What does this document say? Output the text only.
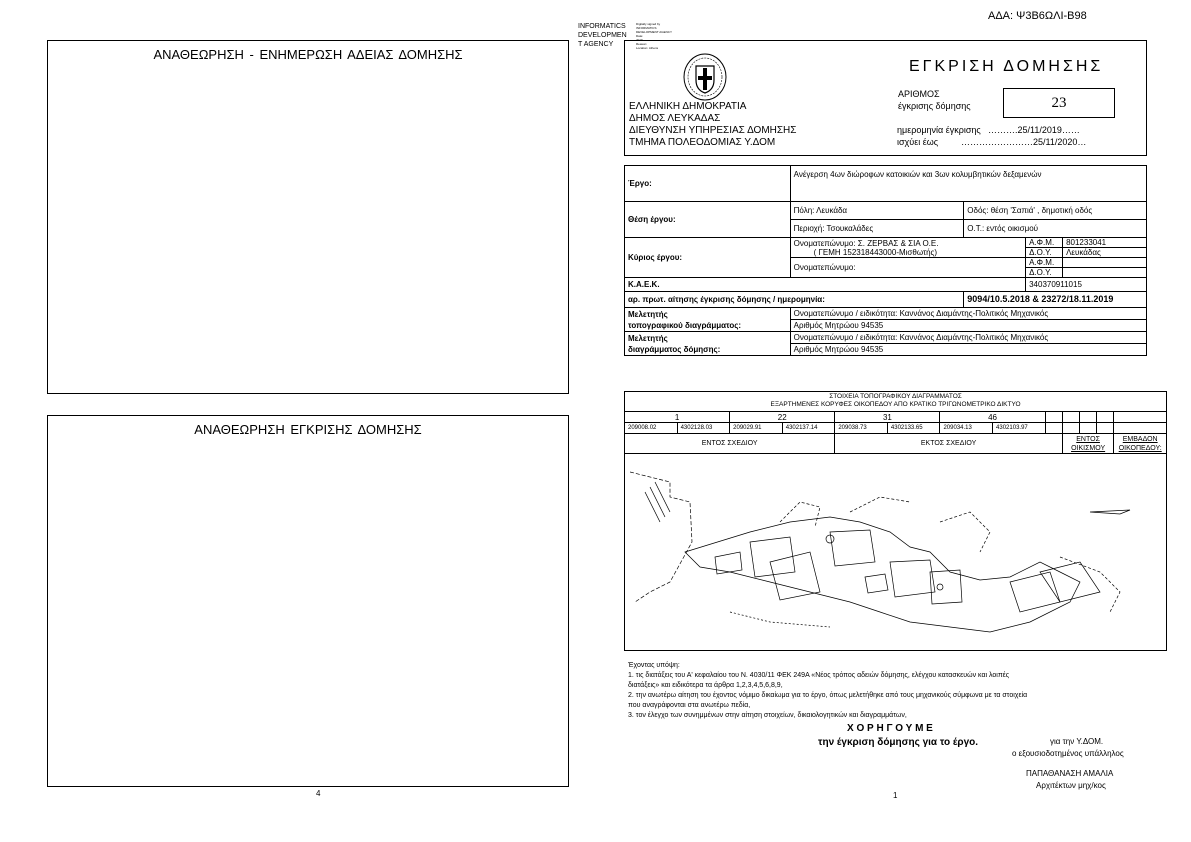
ΑΔΑ: Ψ3Β6ΩΛΙ-Β98
ΑΝΑΘΕΩΡΗΣΗ - ΕΝΗΜΕΡΩΣΗ ΑΔΕΙΑΣ ΔΟΜΗΣΗΣ
ΑΝΑΘΕΩΡΗΣΗ ΕΓΚΡΙΣΗΣ ΔΟΜΗΣΗΣ
4
INFORMATICS
DEVELOPMEN
T AGENCY
Digitally signed by
INFORMATICS
DEVELOPMENT AGENCY
Date:
2019.
Reason:
Location: Athens
ΕΛΛΗΝΙΚΗ ΔΗΜΟΚΡΑΤΙΑ
ΔΗΜΟΣ ΛΕΥΚΑΔΑΣ
ΔΙΕΥΘΥΝΣΗ ΥΠΗΡΕΣΙΑΣ ΔΟΜΗΣΗΣ
ΤΜΗΜΑ ΠΟΛΕΟΔΟΜΙΑΣ Υ.ΔΟΜ
ΕΓΚΡΙΣΗ ΔΟΜΗΣΗΣ
ΑΡΙΘΜΟΣ
έγκρισης δόμησης	23
ημερομηνία έγκρισης ……….25/11/2019……
ισχύει έως	……………………25/11/2020…
Έργο:	Ανέγερση 4ων διώροφων κατοικιών και 3ων κολυμβητικών δεξαμενών			
Θέση έργου:	Πόλη: Λευκάδα	Οδός: θέση 'Σαπιά' , δημοτική οδός		
	Περιοχή: Τσουκαλάδες	Ο.Τ.: εντός οικισμού		
Κύριος έργου:	Ονοματεπώνυμο: Σ. ΖΕΡΒΑΣ & ΣΙΑ Ο.Ε.
( ΓΕΜΗ 152318443000-Μισθωτής)		Α.Φ.Μ.	801233041
			Δ.Ο.Υ.	Λευκάδας
	Ονοματεπώνυμο:		Α.Φ.Μ.	
			Δ.Ο.Υ.	
Κ.Α.Ε.Κ.			340370911015	
αρ. πρωτ. αίτησης έγκρισης δόμησης / ημερομηνία:		9094/10.5.2018 & 23272/18.11.2019		

Μελετητής
τοπογραφικού διαγράμματος:	Ονοματεπώνυμο / ειδικότητα: Καννάνος Διαμάντης-Πολιτικός Μηχανικός			
	Αριθμός Μητρώου 94535			

Μελετητής
διαγράμματος δόμησης:	Ονοματεπώνυμο / ειδικότητα: Καννάνος Διαμάντης-Πολιτικός Μηχανικός			
	Αριθμός Μητρώου 94535			
ΣΤΟΙΧΕΙΑ ΤΟΠΟΓΡΑΦΙΚΟΥ ΔΙΑΓΡΑΜΜΑΤΟΣ
ΕΞΑΡΤΗΜΕΝΕΣ ΚΟΡΥΦΕΣ ΟΙΚΟΠΕΔΟΥ ΑΠΟ ΚΡΑΤΙΚΟ ΤΡΙΓΩΝΟΜΕΤΡΙΚΟ ΔΙΚΤΥΟ
1		22		31		46						
209008.02	4302128.03	209029.91	4302137.14	209038.73	4302133.65	209034.13	4302103.97					
ΕΝΤΟΣ ΣΧΕΔΙΟΥ				ΕΚΤΟΣ ΣΧΕΔΙΟΥ					ΕΝΤΟΣ ΟΙΚΙΣΜΟΥ			ΕΜΒΑΔΟΝ ΟΙΚΟΠΕΔΟΥ:
Έχοντας υπόψη:
1. τις διατάξεις του Α' κεφαλαίου του Ν. 4030/11 ΦΕΚ 249Α «Νέος τρόπος αδειών δόμησης, ελέγχου κατασκευών και λοιπές
διατάξεις» και ειδικότερα τα άρθρα 1,2,3,4,5,6,8,9,
2. την ανωτέρω αίτηση του έχοντος νόμιμο δικαίωμα για το έργο, όπως μελετήθηκε από τους μηχανικούς σύμφωνα με τα στοιχεία
που αναγράφονται στα ανωτέρω πεδία,
3. τον έλεγχο των συνημμένων στην αίτηση στοιχείων, δικαιολογητικών και διαγραμμάτων,
Χ Ο Ρ Η Γ Ο Υ Μ Ε
την έγκριση δόμησης για το έργο.	για την Υ.ΔΟΜ.
ο εξουσιοδοτημένος υπάλληλος
ΠΑΠΑΘΑΝΑΣΗ ΑΜΑΛΙΑ
Αρχιτέκτων μηχ/κος
1
